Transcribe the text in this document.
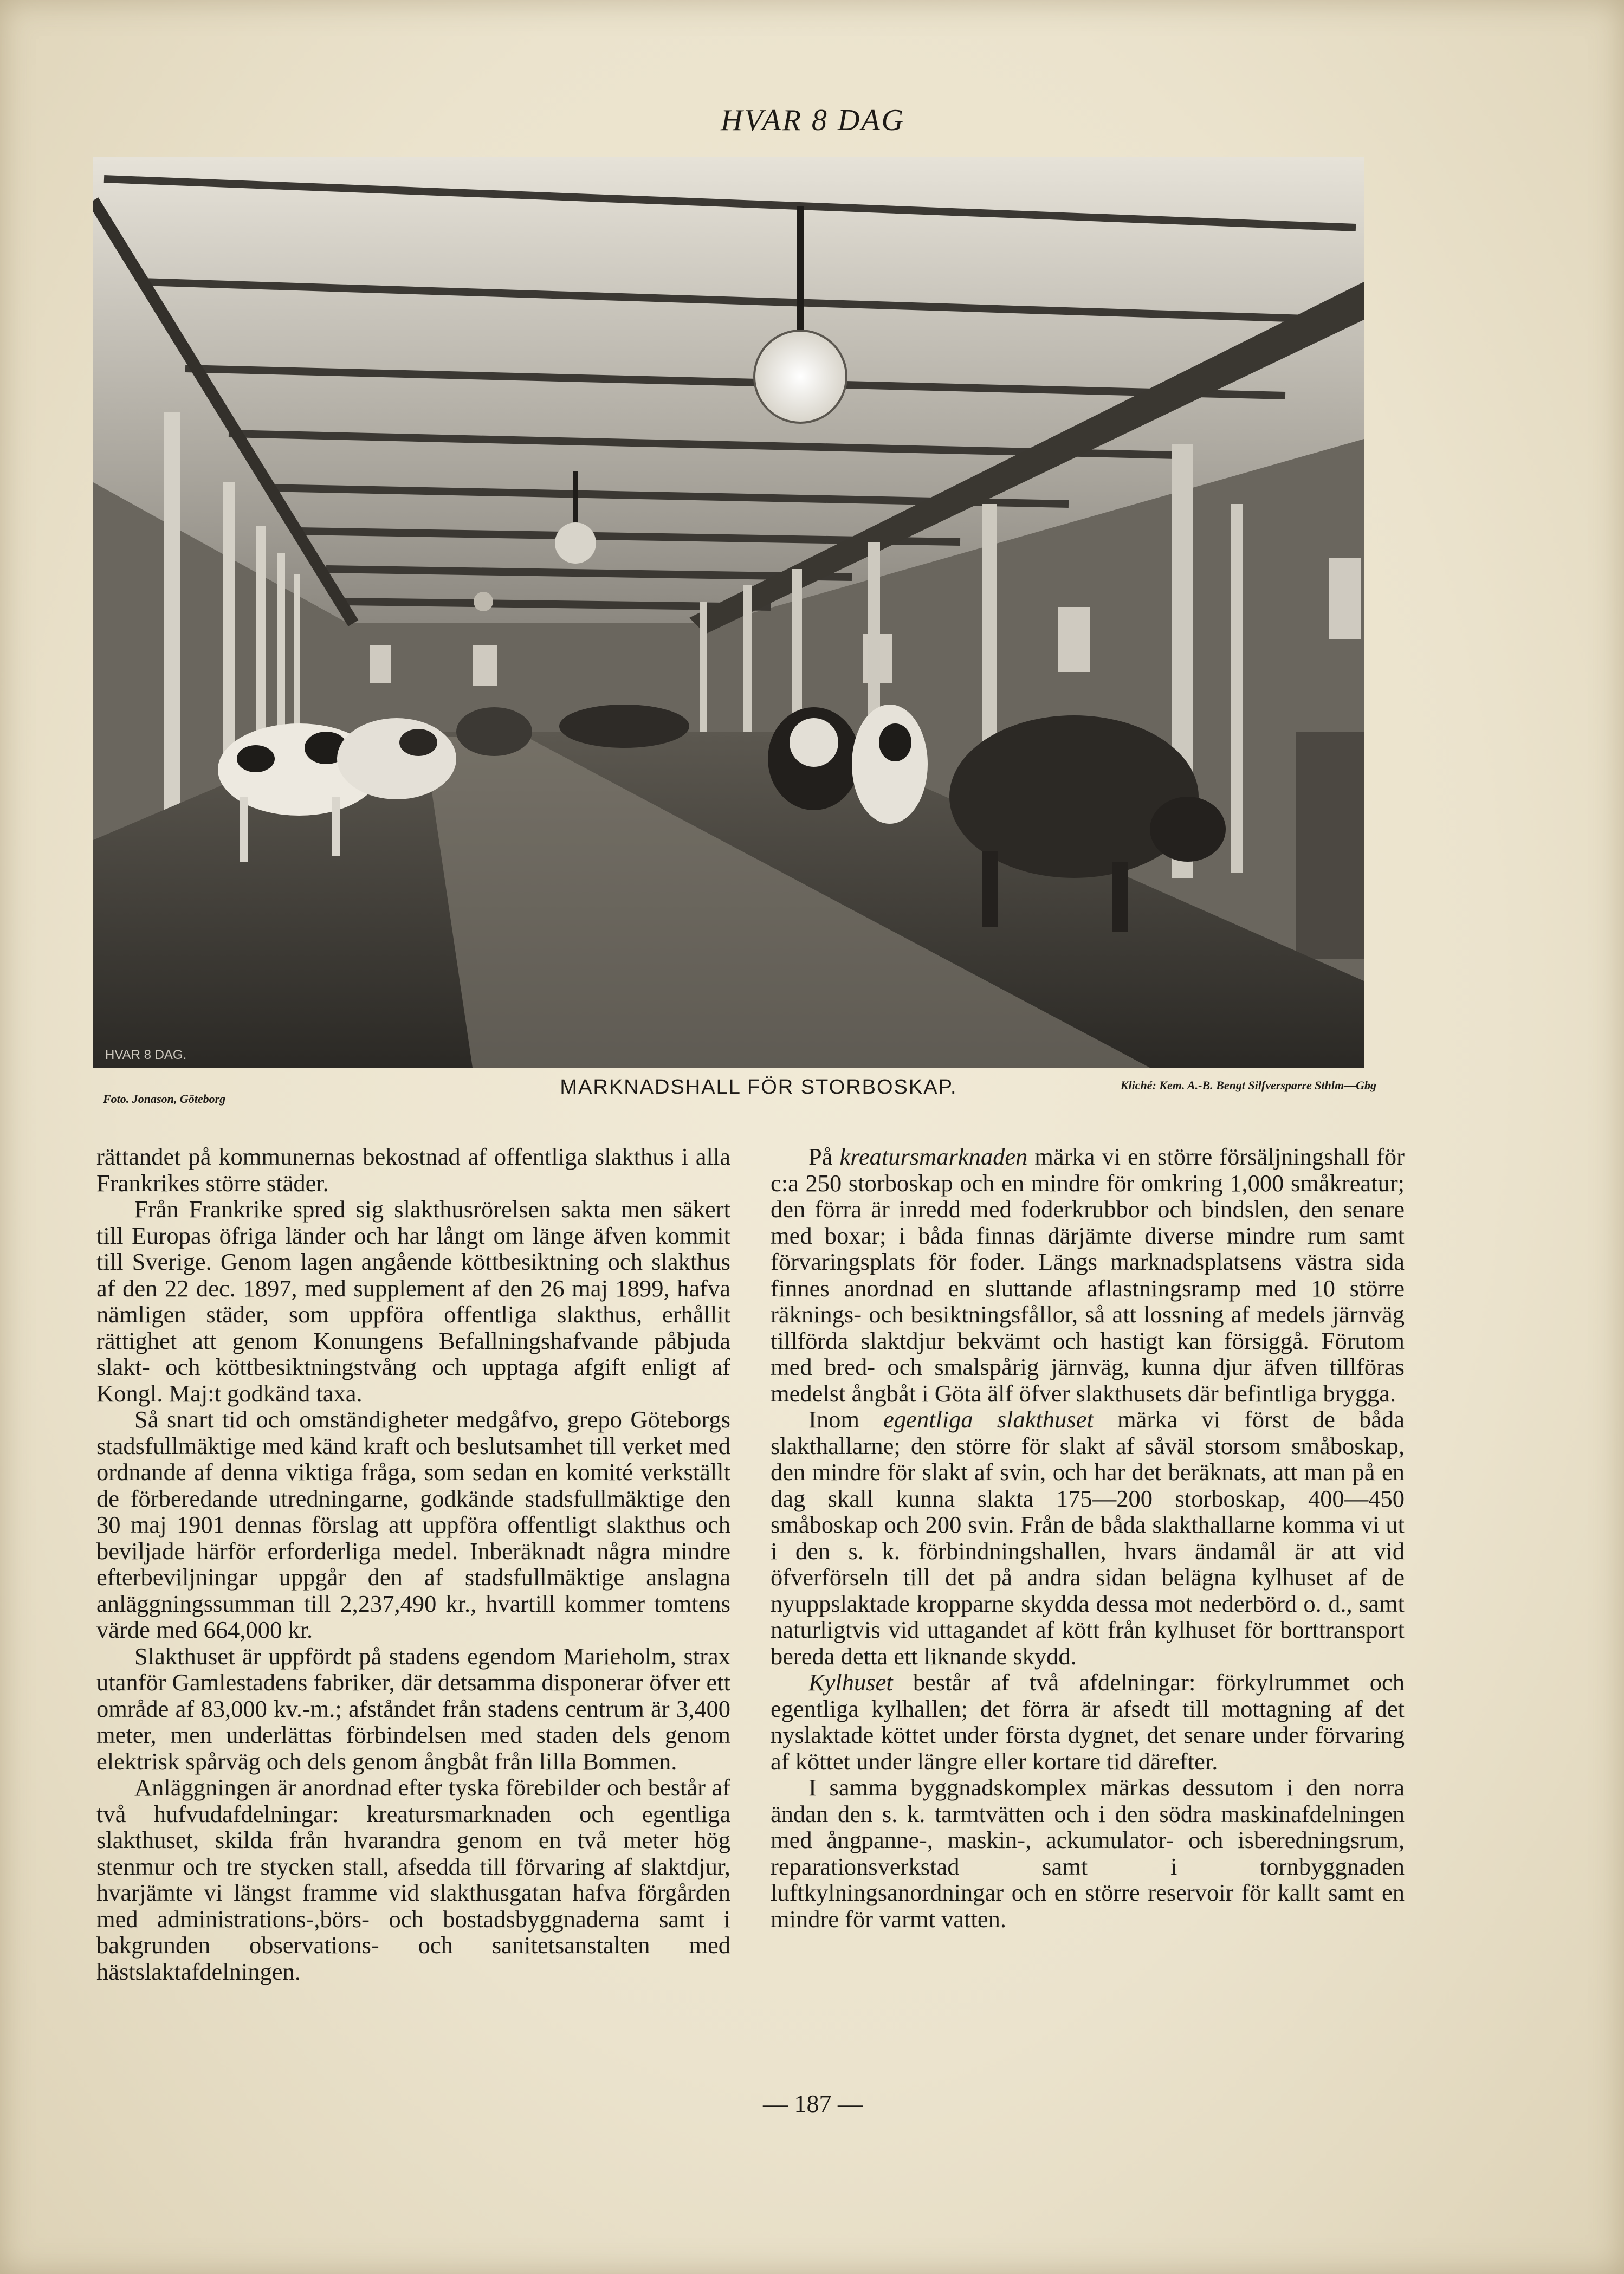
HVAR 8 DAG
HVAR 8 DAG.
Foto. Jonason, Göteborg
MARKNADSHALL FÖR STORBOSKAP.	Kliché: Kem. A.-B. Bengt Silfversparre Sthlm—Gbg

rättandet på kommunernas bekostnad af offentliga slakthus i alla Frankrikes större städer.

Från Frankrike spred sig slakthusrörelsen sakta men säkert till Europas öfriga länder och har långt om länge äfven kommit till Sverige. Genom lagen angående köttbesiktning och slakthus af den 22 dec. 1897, med supplement af den 26 maj 1899, hafva nämligen städer, som uppföra offentliga slakthus, erhållit rättighet att genom Konungens Befallningshafvande påbjuda slakt- och köttbesiktningstvång och upptaga afgift enligt af Kongl. Maj:t godkänd taxa.

Så snart tid och omständigheter medgåfvo, grepo Göteborgs stadsfullmäktige med känd kraft och beslutsamhet till verket med ordnande af denna viktiga fråga, som sedan en komité verkställt de förberedande utredningarne, godkände stadsfullmäktige den 30 maj 1901 dennas förslag att uppföra offentligt slakthus och beviljade härför erforderliga medel. Inberäknadt några mindre efterbeviljningar uppgår den af stadsfullmäktige anslagna anläggningssumman till 2,237,490 kr., hvartill kommer tomtens värde med 664,000 kr.

Slakthuset är uppfördt på stadens egendom Marieholm, strax utanför Gamlestadens fabriker, där detsamma disponerar öfver ett område af 83,000 kv.-m.; afståndet från stadens centrum är 3,400 meter, men underlättas förbindelsen med staden dels genom elektrisk spårväg och dels genom ångbåt från lilla Bommen.

Anläggningen är anordnad efter tyska förebilder och består af två hufvudafdelningar: kreatursmarknaden och egentliga slakthuset, skilda från hvarandra genom en två meter hög stenmur och tre stycken stall, afsedda till förvaring af slaktdjur, hvarjämte vi längst framme vid slakthusgatan hafva förgården med administrations-,börs- och bostadsbyggnaderna samt i bakgrunden observations- och sanitetsanstalten med hästslaktafdelningen.

På kreatursmarknaden märka vi en större försäljningshall för c:a 250 storboskap och en mindre för omkring 1,000 småkreatur; den förra är inredd med foderkrubbor och bindslen, den senare med boxar; i båda finnas därjämte diverse mindre rum samt förvaringsplats för foder. Längs marknadsplatsens västra sida finnes anordnad en sluttande aflastningsramp med 10 större räknings- och besiktningsfållor, så att lossning af medels järnväg tillförda slaktdjur bekvämt och hastigt kan försiggå. Förutom med bred- och smalspårig järnväg, kunna djur äfven tillföras medelst ångbåt i Göta älf öfver slakthusets där befintliga brygga.

Inom egentliga slakthuset märka vi först de båda slakthallarne; den större för slakt af såväl storsom småboskap, den mindre för slakt af svin, och har det beräknats, att man på en dag skall kunna slakta 175—200 storboskap, 400—450 småboskap och 200 svin. Från de båda slakthallarne komma vi ut i den s. k. förbindningshallen, hvars ändamål är att vid öfverförseln till det på andra sidan belägna kylhuset af de nyuppslaktade kropparne skydda dessa mot nederbörd o. d., samt naturligtvis vid uttagandet af kött från kylhuset för borttransport bereda detta ett liknande skydd.

Kylhuset består af två afdelningar: förkylrummet och egentliga kylhallen; det förra är afsedt till mottagning af det nyslaktade köttet under första dygnet, det senare under förvaring af köttet under längre eller kortare tid därefter.

I samma byggnadskomplex märkas dessutom i den norra ändan den s. k. tarmtvätten och i den södra maskinafdelningen med ångpanne-, maskin-, ackumulator- och isberedningsrum, reparationsverkstad samt i tornbyggnaden luftkylningsanordningar och en större reservoir för kallt samt en mindre för varmt vatten.

— 187 —
